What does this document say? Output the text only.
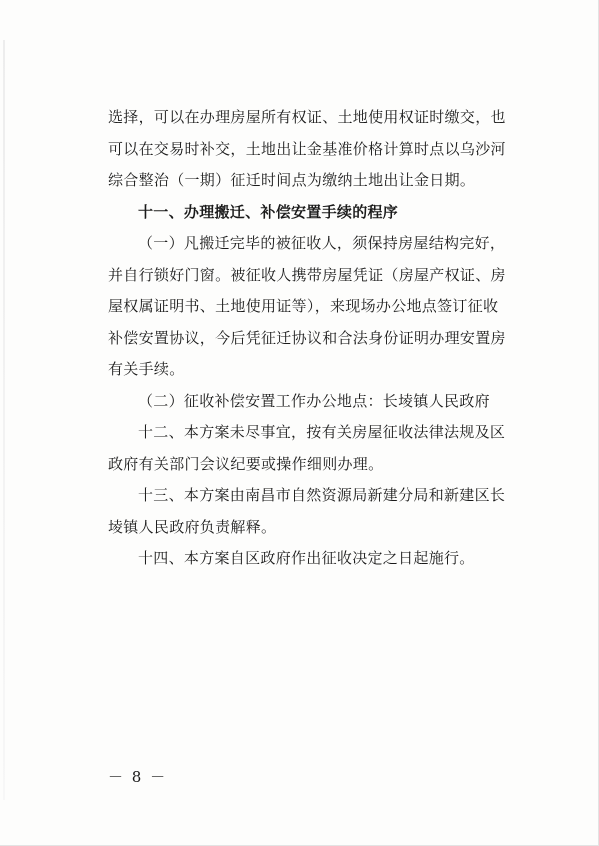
选择，可以在办理房屋所有权证、土地使用权证时缴交，也
可以在交易时补交，土地出让金基准价格计算时点以乌沙河
综合整治（一期）征迁时间点为缴纳土地出让金日期。
十一、办理搬迁、补偿安置手续的程序
（一）凡搬迁完毕的被征收人，须保持房屋结构完好，
并自行锁好门窗。被征收人携带房屋凭证（房屋产权证、房
屋权属证明书、土地使用证等），来现场办公地点签订征收
补偿安置协议，今后凭征迁协议和合法身份证明办理安置房
有关手续。
（二）征收补偿安置工作办公地点：长堎镇人民政府
十二、本方案未尽事宜，按有关房屋征收法律法规及区
政府有关部门会议纪要或操作细则办理。
十三、本方案由南昌市自然资源局新建分局和新建区长
堎镇人民政府负责解释。
十四、本方案自区政府作出征收决定之日起施行。
－ 8 －
